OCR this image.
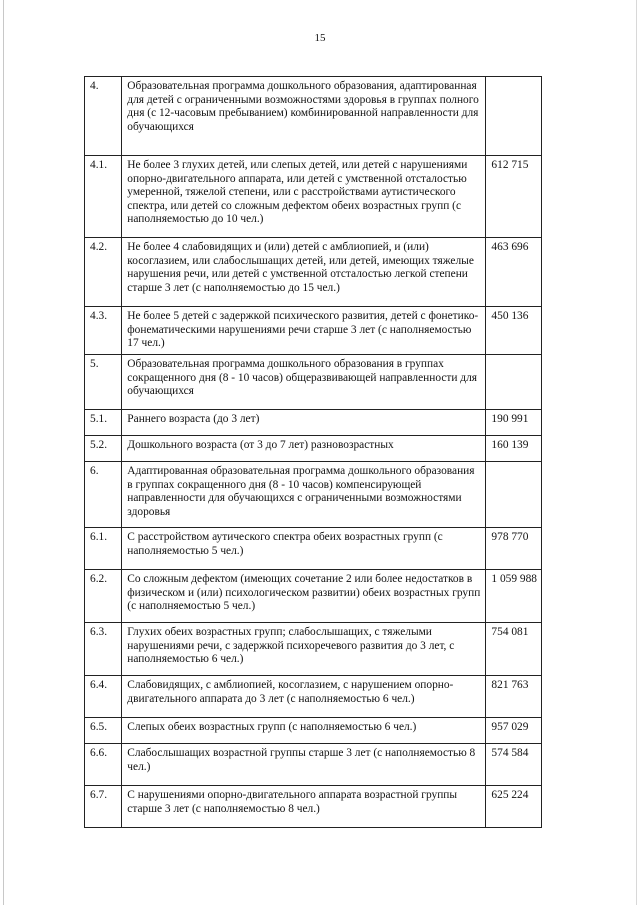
15
4.	Образовательная программа дошкольного образования, адаптированная для детей с ограниченными возможностями здоровья в группах полного дня (с 12-часовым пребыванием) комбинированной направленности для обучающихся	
4.1.	Не более 3 глухих детей, или слепых детей, или детей с нарушениями опорно-двигательного аппарата, или детей с умственной отсталостью умеренной, тяжелой степени, или с расстройствами аутистического спектра, или детей со сложным дефектом обеих возрастных групп (с наполняемостью до 10 чел.)	612 715
4.2.	Не более 4 слабовидящих и (или) детей с амблиопией, и (или) косоглазием, или слабослышащих детей, или детей, имеющих тяжелые нарушения речи, или детей с умственной отсталостью легкой степени старше 3 лет (с наполняемостью до 15 чел.)	463 696
4.3.	Не более 5 детей с задержкой психического развития, детей с фонетико-фонематическими нарушениями речи старше 3 лет (с наполняемостью 17 чел.)	450 136
5.	Образовательная программа дошкольного образования в группах сокращенного дня (8 - 10 часов) общеразвивающей направленности для обучающихся	
5.1.	Раннего возраста (до 3 лет)	190 991
5.2.	Дошкольного возраста (от 3 до 7 лет) разновозрастных	160 139
6.	Адаптированная образовательная программа дошкольного образования в группах сокращенного дня (8 - 10 часов) компенсирующей направленности для обучающихся с ограниченными возможностями здоровья	
6.1.	С расстройством аутического спектра обеих возрастных групп (с наполняемостью 5 чел.)	978 770
6.2.	Со сложным дефектом (имеющих сочетание 2 или более недостатков в физическом и (или) психологическом развитии) обеих возрастных групп (с наполняемостью 5 чел.)	1 059 988
6.3.	Глухих обеих возрастных групп; слабослышащих, с тяжелыми нарушениями речи, с задержкой психоречевого развития до 3 лет, с наполняемостью 6 чел.)	754 081
6.4.	Слабовидящих, с амблиопией, косоглазием, с нарушением опорно-двигательного аппарата до 3 лет (с наполняемостью 6 чел.)	821 763
6.5.	Слепых обеих возрастных групп (с наполняемостью 6 чел.)	957 029
6.6.	Слабослышащих возрастной группы старше 3 лет (с наполняемостью 8 чел.)	574 584
6.7.	С нарушениями опорно-двигательного аппарата возрастной группы старше 3 лет (с наполняемостью 8 чел.)	625 224
